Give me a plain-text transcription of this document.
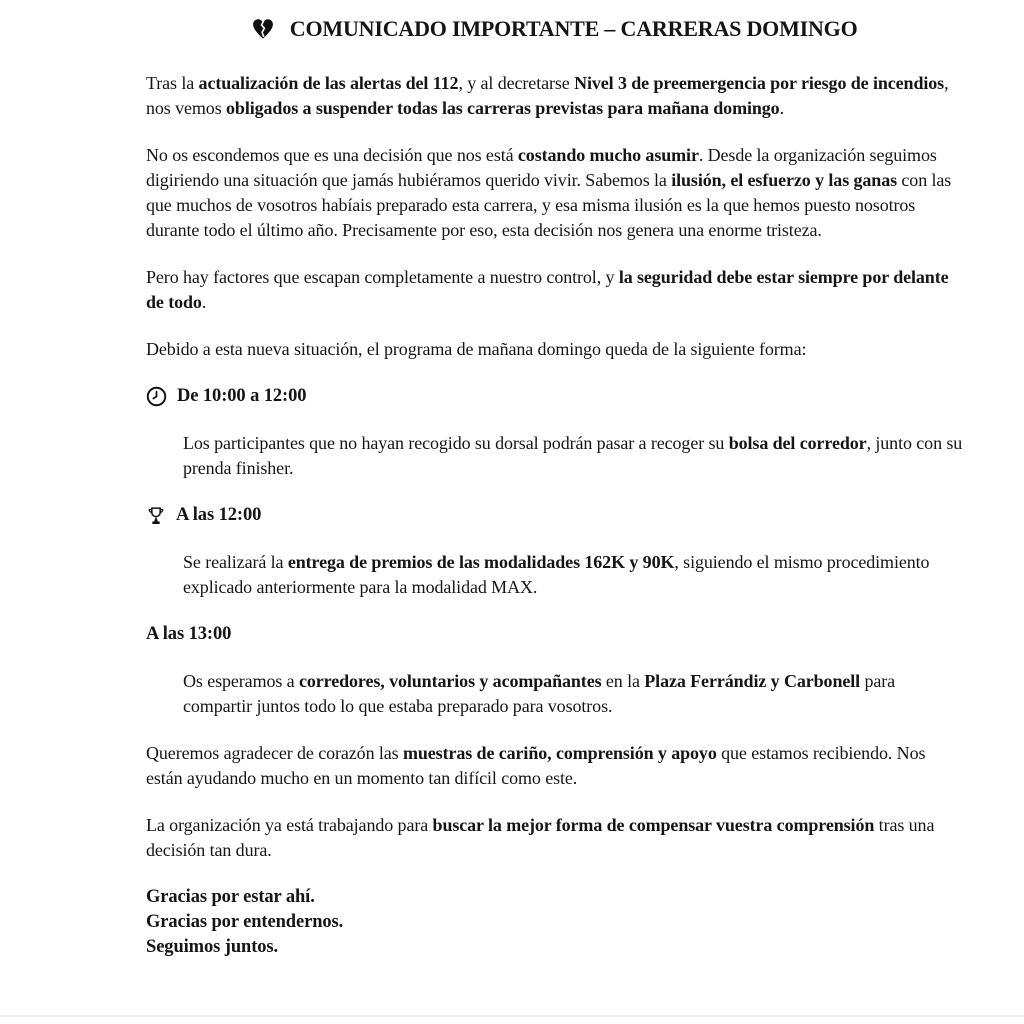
COMUNICADO IMPORTANTE – CARRERAS DOMINGO

Tras la actualización de las alertas del 112, y al decretarse Nivel 3 de preemergencia por riesgo de incendios, nos vemos obligados a suspender todas las carreras previstas para mañana domingo.

No os escondemos que es una decisión que nos está costando mucho asumir. Desde la organización seguimos digiriendo una situación que jamás hubiéramos querido vivir. Sabemos la ilusión, el esfuerzo y las ganas con las que muchos de vosotros habíais preparado esta carrera, y esa misma ilusión es la que hemos puesto nosotros durante todo el último año. Precisamente por eso, esta decisión nos genera una enorme tristeza.

Pero hay factores que escapan completamente a nuestro control, y la seguridad debe estar siempre por delante de todo.

Debido a esta nueva situación, el programa de mañana domingo queda de la siguiente forma:

De 10:00 a 12:00

Los participantes que no hayan recogido su dorsal podrán pasar a recoger su bolsa del corredor, junto con su prenda finisher.

A las 12:00

Se realizará la entrega de premios de las modalidades 162K y 90K, siguiendo el mismo procedimiento explicado anteriormente para la modalidad MAX.

A las 13:00

Os esperamos a corredores, voluntarios y acompañantes en la Plaza Ferrándiz y Carbonell para compartir juntos todo lo que estaba preparado para vosotros.

Queremos agradecer de corazón las muestras de cariño, comprensión y apoyo que estamos recibiendo. Nos están ayudando mucho en un momento tan difícil como este.

La organización ya está trabajando para buscar la mejor forma de compensar vuestra comprensión tras una decisión tan dura.

Gracias por estar ahí.
Gracias por entendernos.
Seguimos juntos.
